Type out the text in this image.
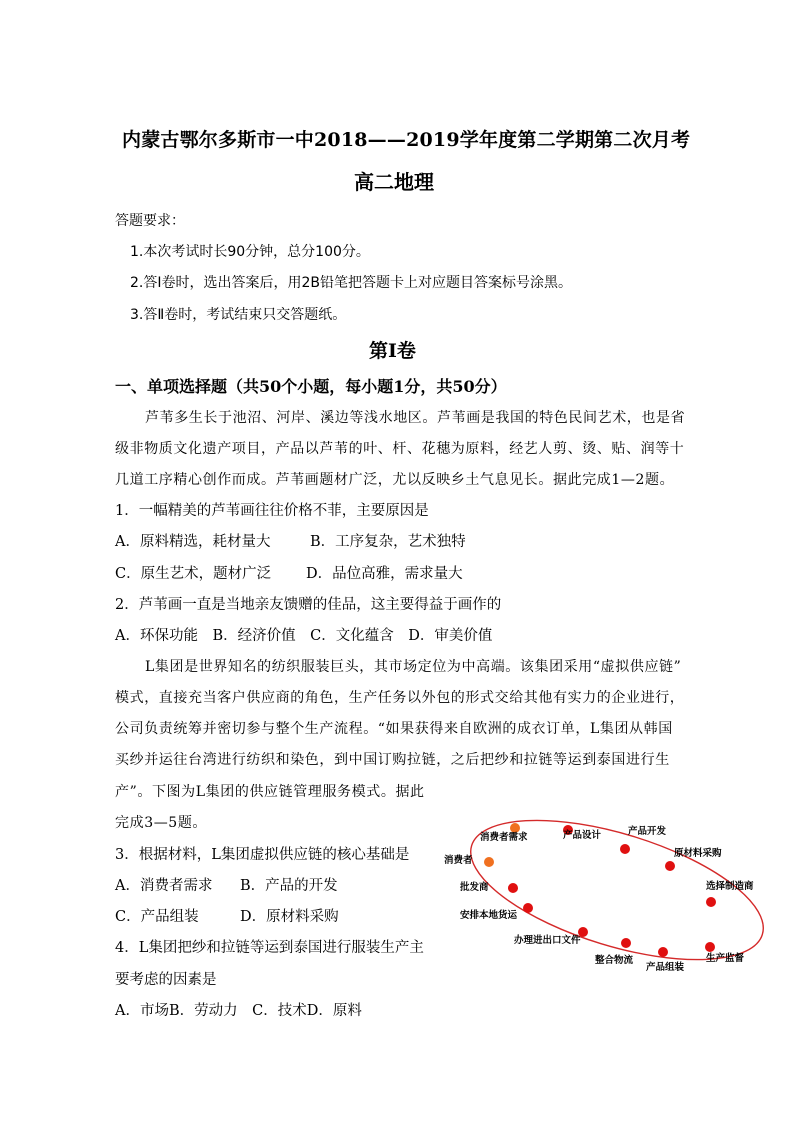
内蒙古鄂尔多斯市一中2018——2019学年度第二学期第二次月考
高二地理
答题要求：
1.本次考试时长90分钟，总分100分。
2.答Ⅰ卷时，选出答案后，用2B铅笔把答题卡上对应题目答案标号涂黑。
3.答Ⅱ卷时，考试结束只交答题纸。
第Ⅰ卷
一、单项选择题（共50个小题，每小题1分，共50分）
芦苇多生长于池沼、河岸、溪边等浅水地区。芦苇画是我国的特色民间艺术，也是省
级非物质文化遗产项目，产品以芦苇的叶、杆、花穗为原料，经艺人剪、烫、贴、润等十
几道工序精心创作而成。芦苇画题材广泛，尤以反映乡土气息见长。据此完成1—2题。
1．一幅精美的芦苇画往往价格不菲，主要原因是
A．原料精选，耗材量大	B．工序复杂，艺术独特
C．原生艺术，题材广泛 D．品位高雅，需求量大
2．芦苇画一直是当地亲友馈赠的佳品，这主要得益于画作的
A．环保功能　B．经济价值　C．文化蕴含　D．审美价值
L集团是世界知名的纺织服装巨头，其市场定位为中高端。该集团采用“虚拟供应链”
模式，直接充当客户供应商的角色，生产任务以外包的形式交给其他有实力的企业进行，
公司负责统筹并密切参与整个生产流程。“如果获得来自欧洲的成衣订单，L集团从韩国
买纱并运往台湾进行纺织和染色，到中国订购拉链，之后把纱和拉链等运到泰国进行生
产”。下图为L集团的供应链管理服务模式。据此
完成3—5题。
3．根据材料，L集团虚拟供应链的核心基础是
A．消费者需求 B．产品的开发
C．产品组装	D．原材料采购
4．L集团把纱和拉链等运到泰国进行服装生产主
要考虑的因素是
A．市场B．劳动力　C．技术D．原料
消费者需求	产品设计	产品开发
原材料采购
选择制造商
生产监督
产品组装
整合物流
办理进出口文件
安排本地货运
批发商
消费者
